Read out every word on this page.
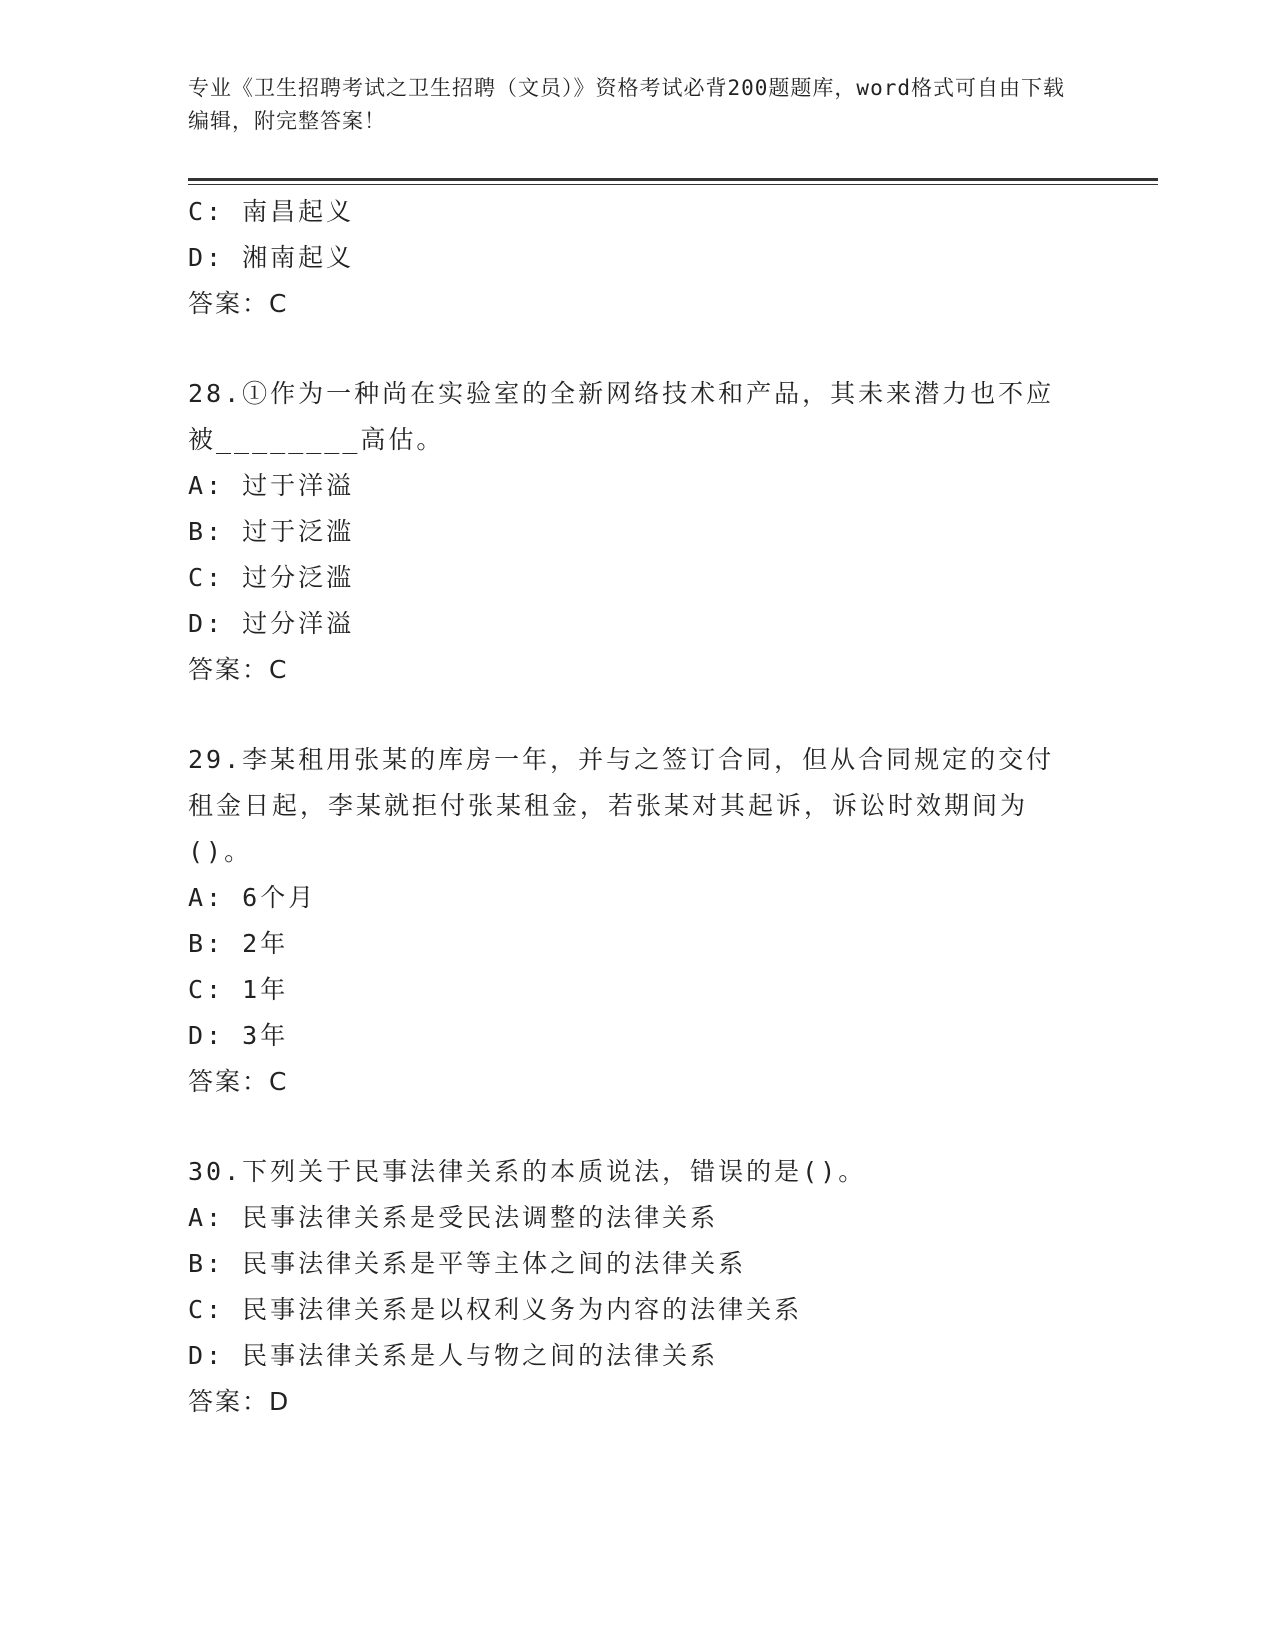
专业《卫生招聘考试之卫生招聘（文员）》资格考试必背200题题库，word格式可自由下载编辑，附完整答案！
C: 南昌起义
D: 湘南起义
答案：C
28.①作为一种尚在实验室的全新网络技术和产品，其未来潜力也不应
被________高估。
A: 过于洋溢
B: 过于泛滥
C: 过分泛滥
D: 过分洋溢
答案：C
29.李某租用张某的库房一年，并与之签订合同，但从合同规定的交付
租金日起，李某就拒付张某租金，若张某对其起诉，诉讼时效期间为
()。
A: 6个月
B: 2年
C: 1年
D: 3年
答案：C
30.下列关于民事法律关系的本质说法，错误的是()。
A: 民事法律关系是受民法调整的法律关系
B: 民事法律关系是平等主体之间的法律关系
C: 民事法律关系是以权利义务为内容的法律关系
D: 民事法律关系是人与物之间的法律关系
答案：D
